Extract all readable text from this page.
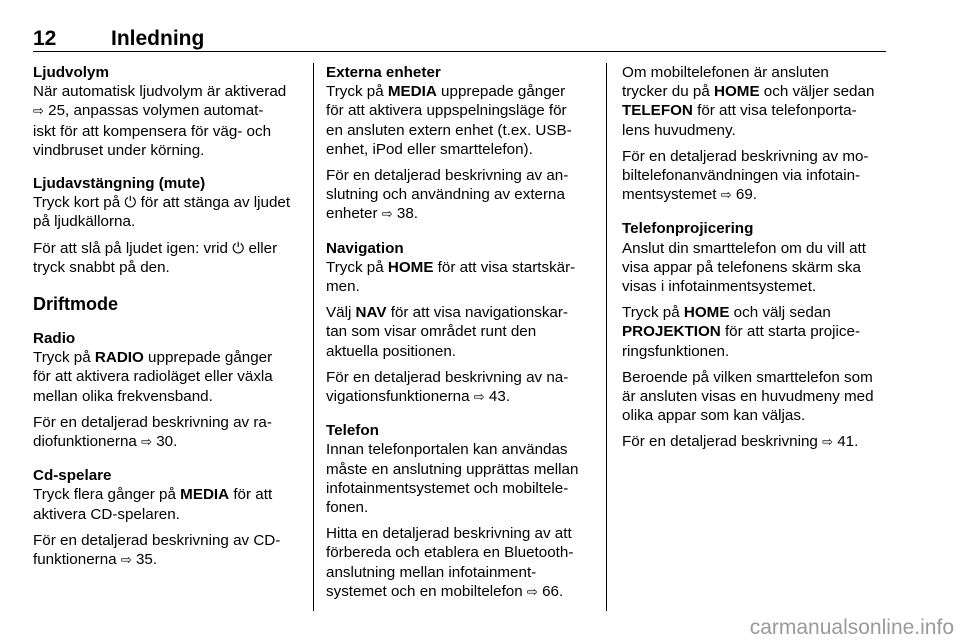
12	Inledning
Ljudvolym
När automatisk ljudvolym är aktiverad
⇨ 25, anpassas volymen automat-
iskt för att kompensera för väg- och
vindbruset under körning.
Ljudavstängning (mute)
Tryck kort på ⏻ för att stänga av ljudet
på ljudkällorna.
För att slå på ljudet igen: vrid ⏻ eller
tryck snabbt på den.
Driftmode
Radio
Tryck på RADIO upprepade gånger
för att aktivera radioläget eller växla
mellan olika frekvensband.
För en detaljerad beskrivning av ra-
diofunktionerna ⇨ 30.
Cd-spelare
Tryck flera gånger på MEDIA för att
aktivera CD-spelaren.
För en detaljerad beskrivning av CD-
funktionerna ⇨ 35.
Externa enheter
Tryck på MEDIA upprepade gånger
för att aktivera uppspelningsläge för
en ansluten extern enhet (t.ex. USB-
enhet, iPod eller smarttelefon).
För en detaljerad beskrivning av an-
slutning och användning av externa
enheter ⇨ 38.
Navigation
Tryck på HOME för att visa startskär-
men.
Välj NAV för att visa navigationskar-
tan som visar området runt den
aktuella positionen.
För en detaljerad beskrivning av na-
vigationsfunktionerna ⇨ 43.
Telefon
Innan telefonportalen kan användas
måste en anslutning upprättas mellan
infotainmentsystemet och mobiltele-
fonen.
Hitta en detaljerad beskrivning av att
förbereda och etablera en Bluetooth-
anslutning mellan infotainment-
systemet och en mobiltelefon ⇨ 66.
Om mobiltelefonen är ansluten
trycker du på HOME och väljer sedan
TELEFON för att visa telefonporta-
lens huvudmeny.
För en detaljerad beskrivning av mo-
biltelefonanvändningen via infotain-
mentsystemet ⇨ 69.
Telefonprojicering
Anslut din smarttelefon om du vill att
visa appar på telefonens skärm ska
visas i infotainmentsystemet.
Tryck på HOME och välj sedan
PROJEKTION för att starta projice-
ringsfunktionen.
Beroende på vilken smarttelefon som
är ansluten visas en huvudmeny med
olika appar som kan väljas.
För en detaljerad beskrivning ⇨ 41.
carmanualsonline.info
